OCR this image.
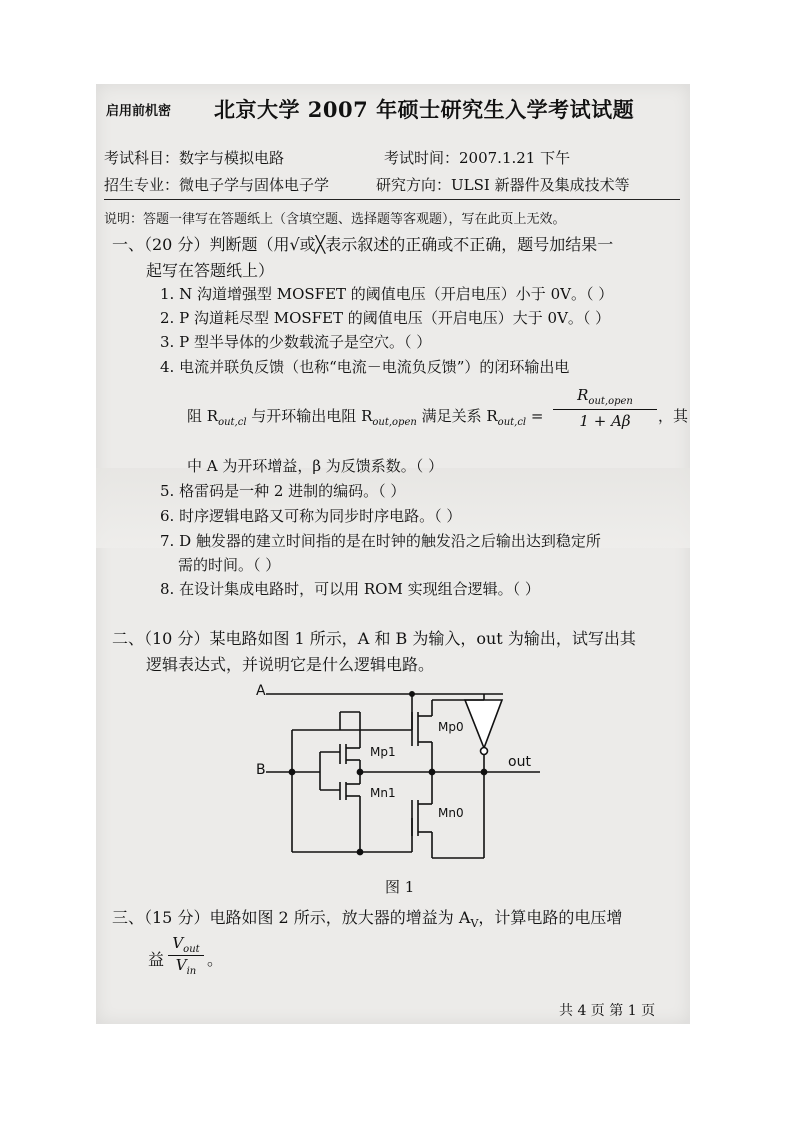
启用前机密 北京大学 2007 年硕士研究生入学考试试题
考试科目：数字与模拟电路	考试时间：2007.1.21 下午
招生专业：微电子学与固体电子学	研究方向：ULSI 新器件及集成技术等
说明：答题一律写在答题纸上（含填空题、选择题等客观题），写在此页上无效。
一、（20 分）判断题（用√或╳表示叙述的正确或不正确，题号加结果一
起写在答题纸上）
1. N 沟道增强型 MOSFET 的阈值电压（开启电压）小于 0V。（ ）
2. P 沟道耗尽型 MOSFET 的阈值电压（开启电压）大于 0V。（ ）
3. P 型半导体的少数载流子是空穴。（ ）
4. 电流并联负反馈（也称“电流－电流负反馈”）的闭环输出电
阻 $R_{out,cl}$ 与开环输出电阻 $R_{out,open}$ 满足关系 $R_{out,cl}$ =
$R_{out,open}$
1 + Aβ	，其
中 A 为开环增益，β 为反馈系数。（ ）
5. 格雷码是一种 2 进制的编码。（ ）
6. 时序逻辑电路又可称为同步时序电路。（ ）
7. D 触发器的建立时间指的是在时钟的触发沿之后输出达到稳定所
需的时间。（ ）
8. 在设计集成电路时，可以用 ROM 实现组合逻辑。（ ）
二、（10 分）某电路如图 1 所示，A 和 B 为输入，out 为输出，试写出其
逻辑表达式，并说明它是什么逻辑电路。
A
B	out
Mp0
Mp1
Mn1
Mn0
图 1
三、（15 分）电路如图 2 所示，放大器的增益为 $A_V$，计算电路的电压增
益
$V_{out}$
$V_{in}$
。
共 4 页 第 1 页
